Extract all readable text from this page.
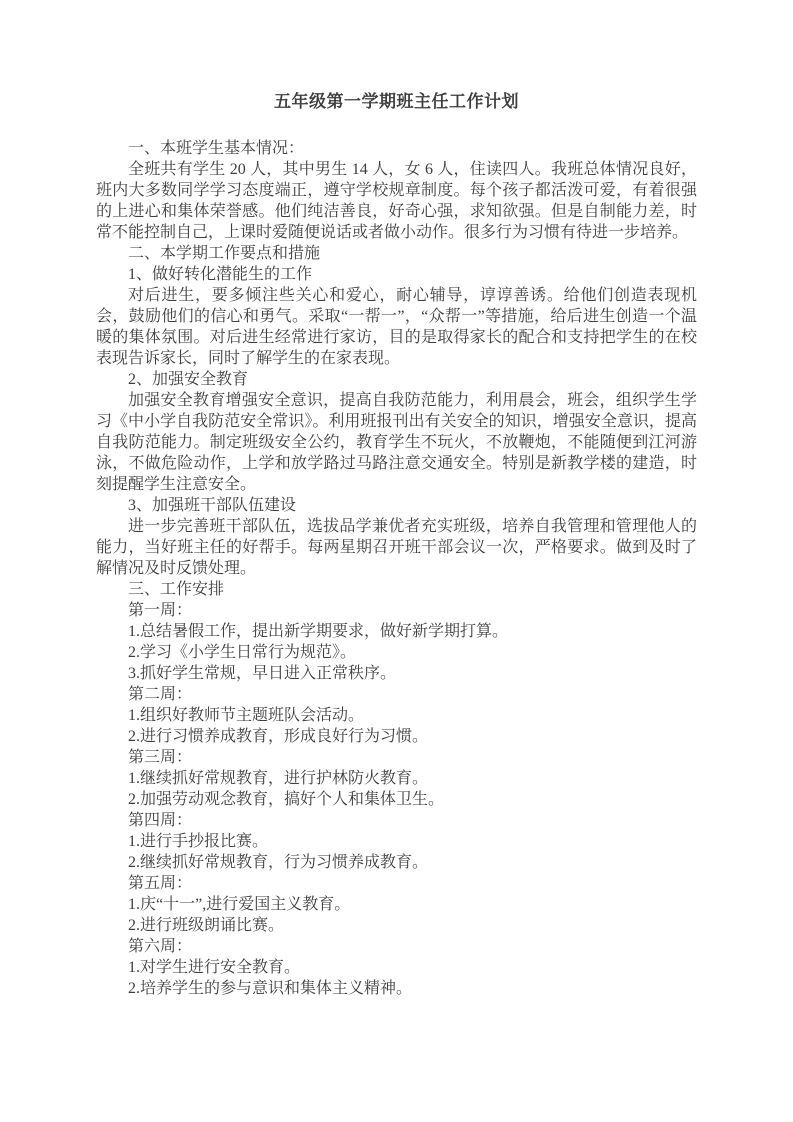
五年级第一学期班主任工作计划

一、本班学生基本情况：

全班共有学生 20 人，其中男生 14 人，女 6 人，住读四人。我班总体情况良好，班内大多数同学学习态度端正，遵守学校规章制度。每个孩子都活泼可爱，有着很强的上进心和集体荣誉感。他们纯洁善良，好奇心强，求知欲强。但是自制能力差，时常不能控制自己，上课时爱随便说话或者做小动作。很多行为习惯有待进一步培养。

二、本学期工作要点和措施

1、做好转化潜能生的工作

对后进生，要多倾注些关心和爱心，耐心辅导，谆谆善诱。给他们创造表现机会，鼓励他们的信心和勇气。采取“一帮一”，“众帮一”等措施，给后进生创造一个温暖的集体氛围。对后进生经常进行家访，目的是取得家长的配合和支持把学生的在校表现告诉家长，同时了解学生的在家表现。

2、加强安全教育

加强安全教育增强安全意识，提高自我防范能力，利用晨会，班会，组织学生学习《中小学自我防范安全常识》。利用班报刊出有关安全的知识，增强安全意识，提高自我防范能力。制定班级安全公约，教育学生不玩火，不放鞭炮，不能随便到江河游泳，不做危险动作，上学和放学路过马路注意交通安全。特别是新教学楼的建造，时刻提醒学生注意安全。

3、加强班干部队伍建设

进一步完善班干部队伍，选拔品学兼优者充实班级，培养自我管理和管理他人的能力，当好班主任的好帮手。每两星期召开班干部会议一次，严格要求。做到及时了解情况及时反馈处理。

三、工作安排

第一周：

1.总结暑假工作，提出新学期要求，做好新学期打算。

2.学习《小学生日常行为规范》。

3.抓好学生常规，早日进入正常秩序。

第二周：

1.组织好教师节主题班队会活动。

2.进行习惯养成教育，形成良好行为习惯。

第三周：

1.继续抓好常规教育，进行护林防火教育。

2.加强劳动观念教育，搞好个人和集体卫生。

第四周：

1.进行手抄报比赛。

2.继续抓好常规教育，行为习惯养成教育。

第五周：

1.庆“十一”,进行爱国主义教育。

2.进行班级朗诵比赛。

第六周：

1.对学生进行安全教育。

2.培养学生的参与意识和集体主义精神。
